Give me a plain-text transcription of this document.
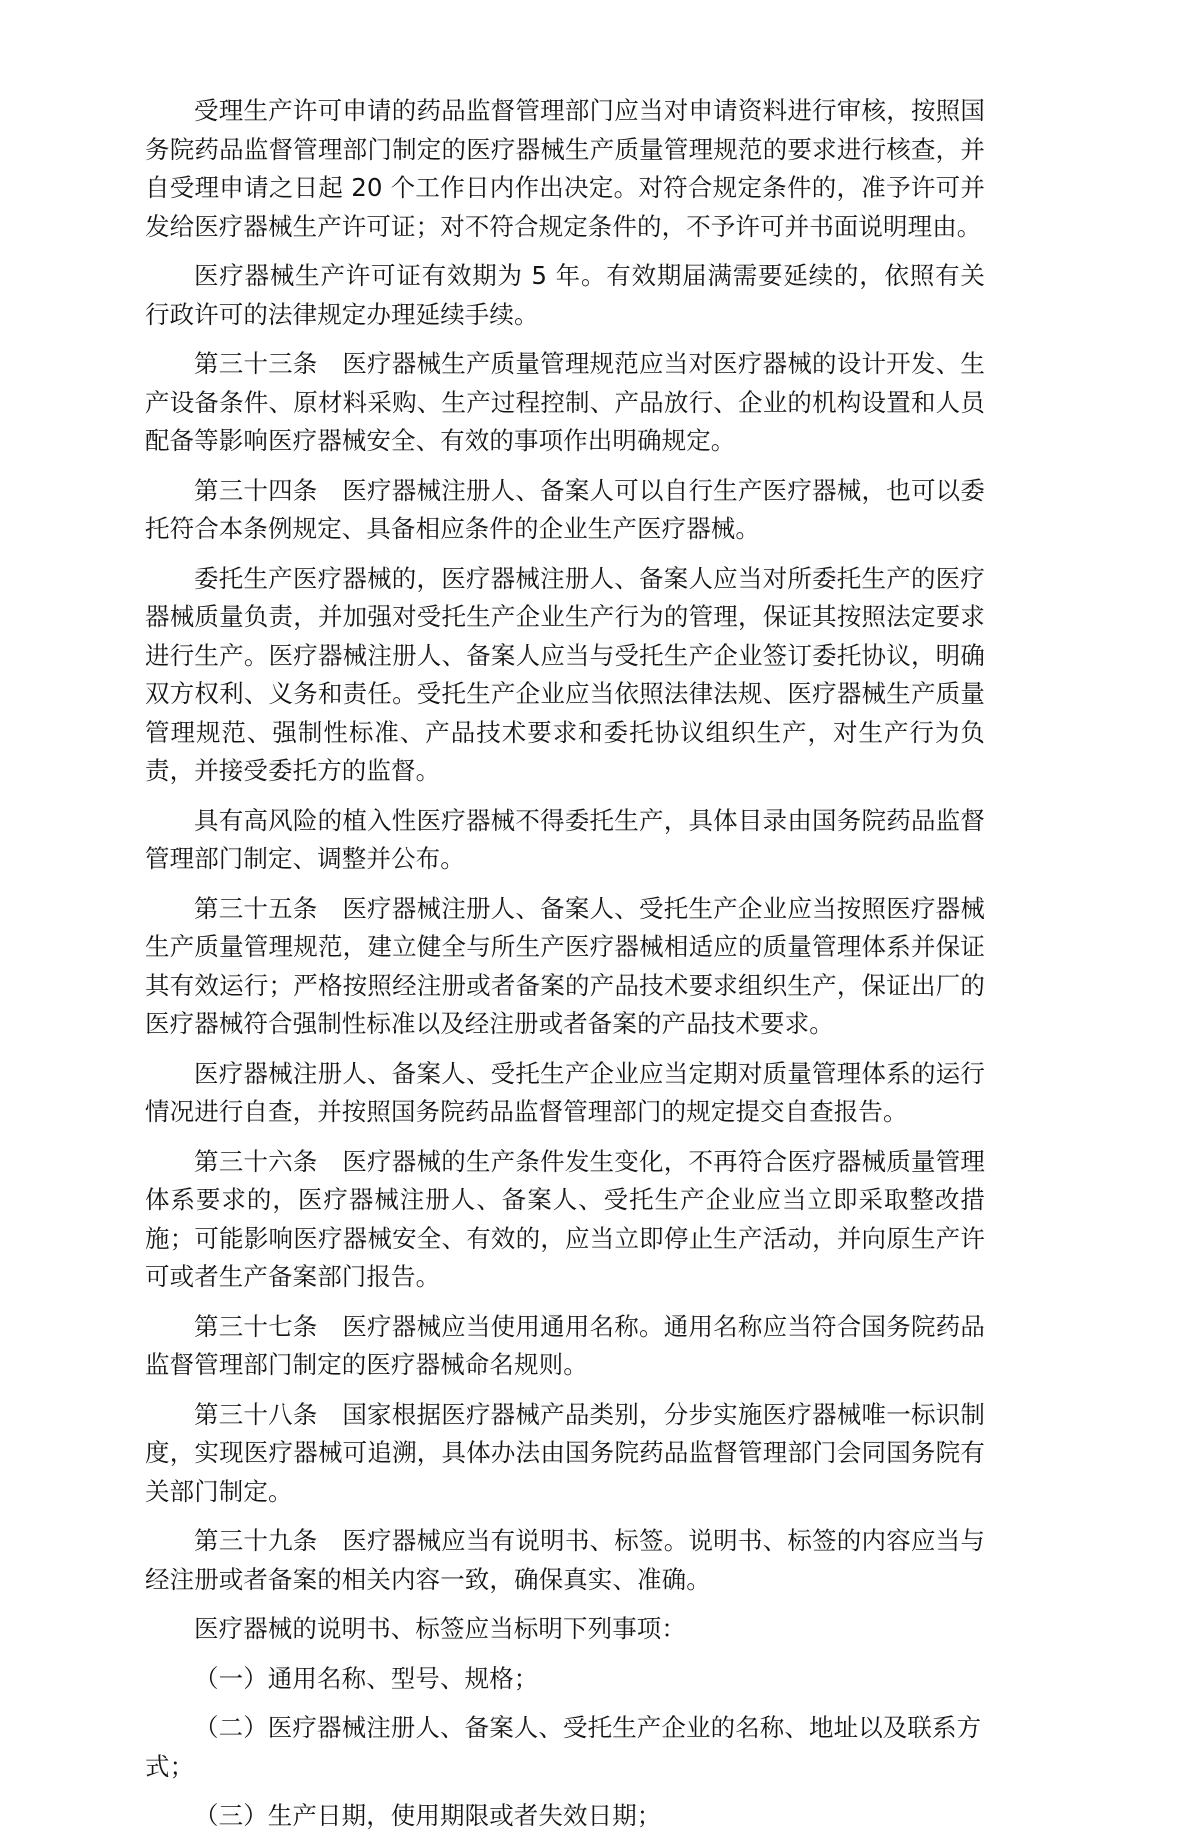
受理生产许可申请的药品监督管理部门应当对申请资料进行审核，按照国务院药品监督管理部门制定的医疗器械生产质量管理规范的要求进行核查，并自受理申请之日起 20 个工作日内作出决定。对符合规定条件的，准予许可并发给医疗器械生产许可证；对不符合规定条件的，不予许可并书面说明理由。

医疗器械生产许可证有效期为 5 年。有效期届满需要延续的，依照有关行政许可的法律规定办理延续手续。

第三十三条　医疗器械生产质量管理规范应当对医疗器械的设计开发、生产设备条件、原材料采购、生产过程控制、产品放行、企业的机构设置和人员配备等影响医疗器械安全、有效的事项作出明确规定。

第三十四条　医疗器械注册人、备案人可以自行生产医疗器械，也可以委托符合本条例规定、具备相应条件的企业生产医疗器械。

委托生产医疗器械的，医疗器械注册人、备案人应当对所委托生产的医疗器械质量负责，并加强对受托生产企业生产行为的管理，保证其按照法定要求进行生产。医疗器械注册人、备案人应当与受托生产企业签订委托协议，明确双方权利、义务和责任。受托生产企业应当依照法律法规、医疗器械生产质量管理规范、强制性标准、产品技术要求和委托协议组织生产，对生产行为负责，并接受委托方的监督。

具有高风险的植入性医疗器械不得委托生产，具体目录由国务院药品监督管理部门制定、调整并公布。

第三十五条　医疗器械注册人、备案人、受托生产企业应当按照医疗器械生产质量管理规范，建立健全与所生产医疗器械相适应的质量管理体系并保证其有效运行；严格按照经注册或者备案的产品技术要求组织生产，保证出厂的医疗器械符合强制性标准以及经注册或者备案的产品技术要求。

医疗器械注册人、备案人、受托生产企业应当定期对质量管理体系的运行情况进行自查，并按照国务院药品监督管理部门的规定提交自查报告。

第三十六条　医疗器械的生产条件发生变化，不再符合医疗器械质量管理体系要求的，医疗器械注册人、备案人、受托生产企业应当立即采取整改措施；可能影响医疗器械安全、有效的，应当立即停止生产活动，并向原生产许可或者生产备案部门报告。

第三十七条　医疗器械应当使用通用名称。通用名称应当符合国务院药品监督管理部门制定的医疗器械命名规则。

第三十八条　国家根据医疗器械产品类别，分步实施医疗器械唯一标识制度，实现医疗器械可追溯，具体办法由国务院药品监督管理部门会同国务院有关部门制定。

第三十九条　医疗器械应当有说明书、标签。说明书、标签的内容应当与经注册或者备案的相关内容一致，确保真实、准确。

医疗器械的说明书、标签应当标明下列事项：

（一）通用名称、型号、规格；

（二）医疗器械注册人、备案人、受托生产企业的名称、地址以及联系方式；

（三）生产日期，使用期限或者失效日期；
